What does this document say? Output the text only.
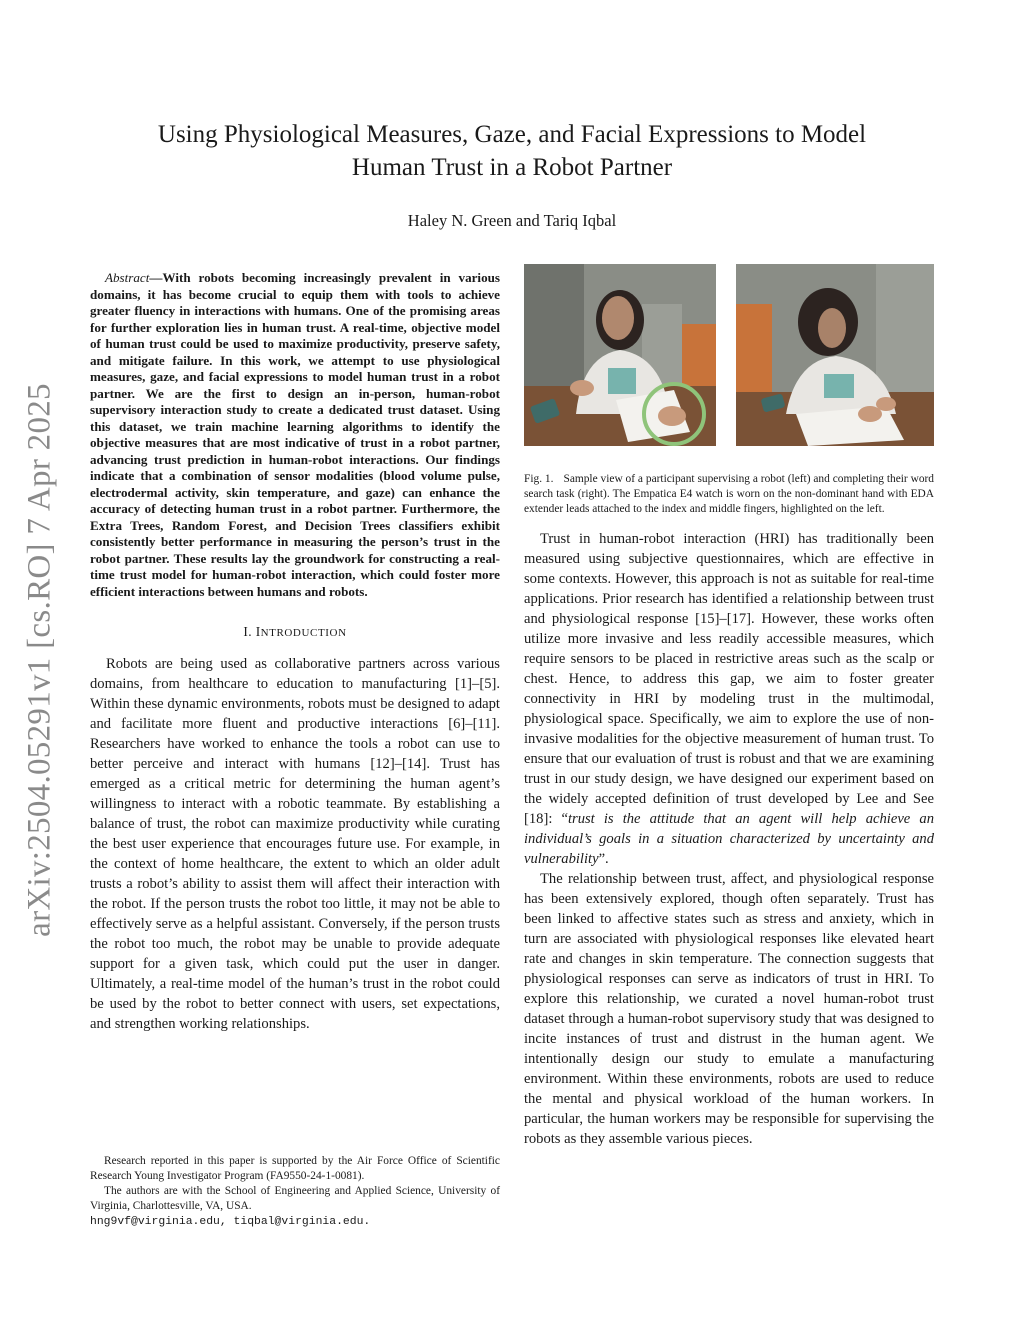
arXiv:2504.05291v1 [cs.RO] 7 Apr 2025
Using Physiological Measures, Gaze, and Facial Expressions to Model
Human Trust in a Robot Partner

Haley N. Green and Tariq Iqbal

Abstract—With robots becoming increasingly prevalent in various domains, it has become crucial to equip them with tools to achieve greater fluency in interactions with humans. One of the promising areas for further exploration lies in human trust. A real-time, objective model of human trust could be used to maximize productivity, preserve safety, and mitigate failure. In this work, we attempt to use physiological measures, gaze, and facial expressions to model human trust in a robot partner. We are the first to design an in-person, human-robot supervisory interaction study to create a dedicated trust dataset. Using this dataset, we train machine learning algorithms to identify the objective measures that are most indicative of trust in a robot partner, advancing trust prediction in human-robot interactions. Our findings indicate that a combination of sensor modalities (blood volume pulse, electrodermal activity, skin temperature, and gaze) can enhance the accuracy of detecting human trust in a robot partner. Furthermore, the Extra Trees, Random Forest, and Decision Trees classifiers exhibit consistently better performance in measuring the person’s trust in the robot partner. These results lay the groundwork for constructing a real-time trust model for human-robot interaction, which could foster more efficient interactions between humans and robots.

I. INTRODUCTION

Robots are being used as collaborative partners across various domains, from healthcare to education to manufacturing [1]–[5]. Within these dynamic environments, robots must be designed to adapt and facilitate more fluent and productive interactions [6]–[11]. Researchers have worked to enhance the tools a robot can use to better perceive and interact with humans [12]–[14]. Trust has emerged as a critical metric for determining the human agent’s willingness to interact with a robotic teammate. By establishing a balance of trust, the robot can maximize productivity while curating the best user experience that encourages future use. For example, in the context of home healthcare, the extent to which an older adult trusts a robot’s ability to assist them will affect their interaction with the robot. If the person trusts the robot too little, it may not be able to effectively serve as a helpful assistant. Conversely, if the person trusts the robot too much, the robot may be unable to provide adequate support for a given task, which could put the user in danger. Ultimately, a real-time model of the human’s trust in the robot could be used by the robot to better connect with users, set expectations, and strengthen working relationships.

Research reported in this paper is supported by the Air Force Office of Scientific Research Young Investigator Program (FA9550-24-1-0081).

The authors are with the School of Engineering and Applied Science, University of Virginia, Charlottesville, VA, USA.

hng9vf@virginia.edu, tiqbal@virginia.edu.

Fig. 1. Sample view of a participant supervising a robot (left) and completing their word search task (right). The Empatica E4 watch is worn on the non-dominant hand with EDA extender leads attached to the index and middle fingers, highlighted on the left.

Trust in human-robot interaction (HRI) has traditionally been measured using subjective questionnaires, which are effective in some contexts. However, this approach is not as suitable for real-time applications. Prior research has identified a relationship between trust and physiological response [15]–[17]. However, these works often utilize more invasive and less readily accessible measures, which require sensors to be placed in restrictive areas such as the scalp or chest. Hence, to address this gap, we aim to foster greater connectivity in HRI by modeling trust in the multimodal, physiological space. Specifically, we aim to explore the use of non-invasive modalities for the objective measurement of human trust. To ensure that our evaluation of trust is robust and that we are examining trust in our study design, we have designed our experiment based on the widely accepted definition of trust developed by Lee and See [18]: “trust is the attitude that an agent will help achieve an individual’s goals in a situation characterized by uncertainty and vulnerability”.

The relationship between trust, affect, and physiological response has been extensively explored, though often separately. Trust has been linked to affective states such as stress and anxiety, which in turn are associated with physiological responses like elevated heart rate and changes in skin temperature. The connection suggests that physiological responses can serve as indicators of trust in HRI. To explore this relationship, we curated a novel human-robot trust dataset through a human-robot supervisory study that was designed to incite instances of trust and distrust in the human agent. We intentionally design our study to emulate a manufacturing environment. Within these environments, robots are used to reduce the mental and physical workload of the human workers. In particular, the human workers may be responsible for supervising the robots as they assemble various pieces.
